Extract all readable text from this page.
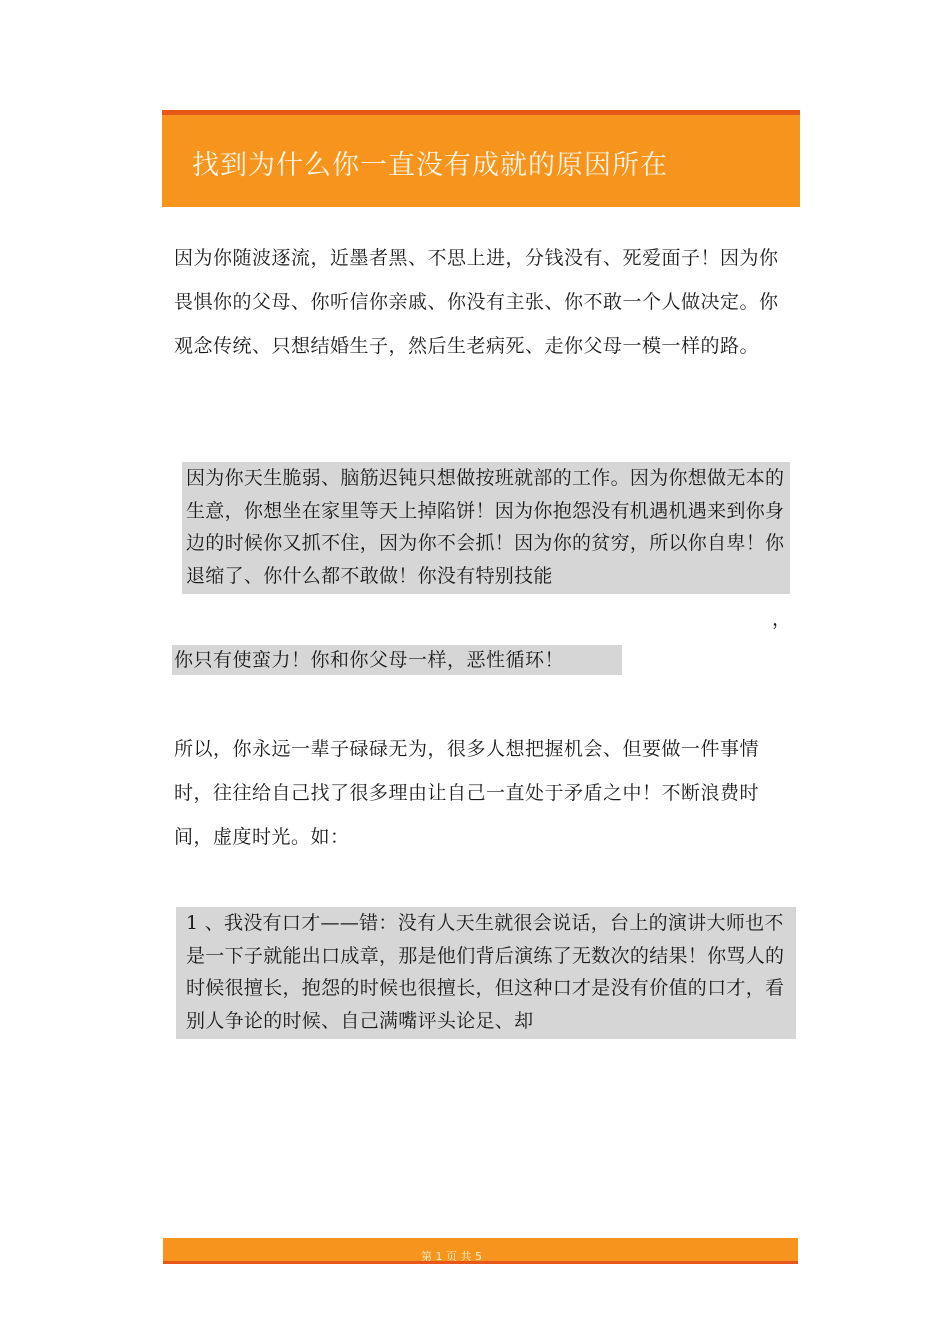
找到为什么你一直没有成就的原因所在

因为你随波逐流，近墨者黑、不思上进，分钱没有、死爱面子！因为你畏惧你的父母、你听信你亲戚、你没有主张、你不敢一个人做决定。你观念传统、只想结婚生子，然后生老病死、走你父母一模一样的路。

因为你天生脆弱、脑筋迟钝只想做按班就部的工作。因为你想做无本的生意，你想坐在家里等天上掉陷饼！因为你抱怨没有机遇机遇来到你身边的时候你又抓不住，因为你不会抓！因为你的贫穷，所以你自卑！你退缩了、你什么都不敢做！你没有特别技能

，
你只有使蛮力！你和你父母一样，恶性循环！

所以，你永远一辈子碌碌无为，很多人想把握机会、但要做一件事情时，往往给自己找了很多理由让自己一直处于矛盾之中！不断浪费时间，虚度时光。如：

1 、我没有口才——错：没有人天生就很会说话，台上的演讲大师也不是一下子就能出口成章，那是他们背后演练了无数次的结果！你骂人的时候很擅长，抱怨的时候也很擅长，但这种口才是没有价值的口才，看别人争论的时候、自己满嘴评头论足、却

第 1 页 共 5
